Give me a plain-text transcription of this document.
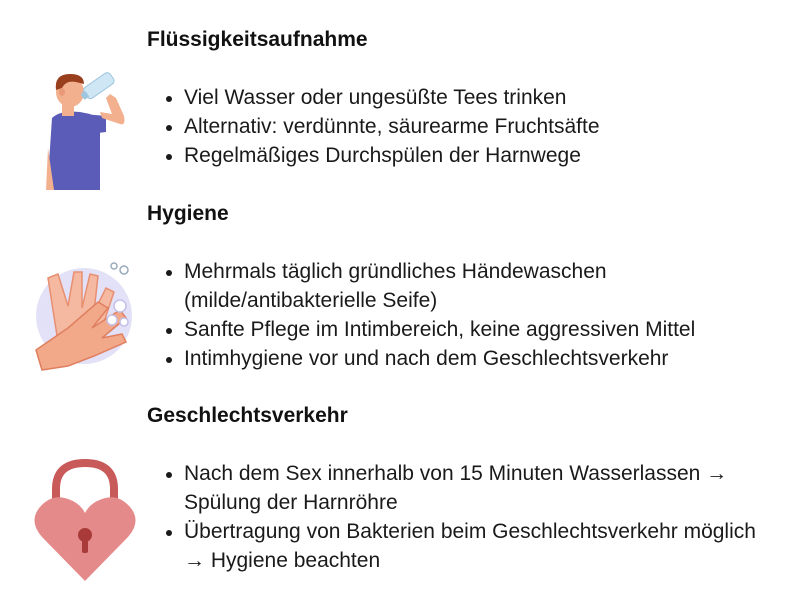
Flüssigkeitsaufnahme
• Viel Wasser oder ungesüßte Tees trinken
• Alternativ: verdünnte, säurearme Fruchtsäfte
• Regelmäßiges Durchspülen der Harnwege
Hygiene
• Mehrmals täglich gründliches Händewaschen (milde/antibakterielle Seife)
• Sanfte Pflege im Intimbereich, keine aggressiven Mittel
• Intimhygiene vor und nach dem Geschlechtsverkehr
Geschlechtsverkehr
• Nach dem Sex innerhalb von 15 Minuten Wasserlassen → Spülung der Harnröhre
• Übertragung von Bakterien beim Geschlechtsverkehr möglich → Hygiene beachten
